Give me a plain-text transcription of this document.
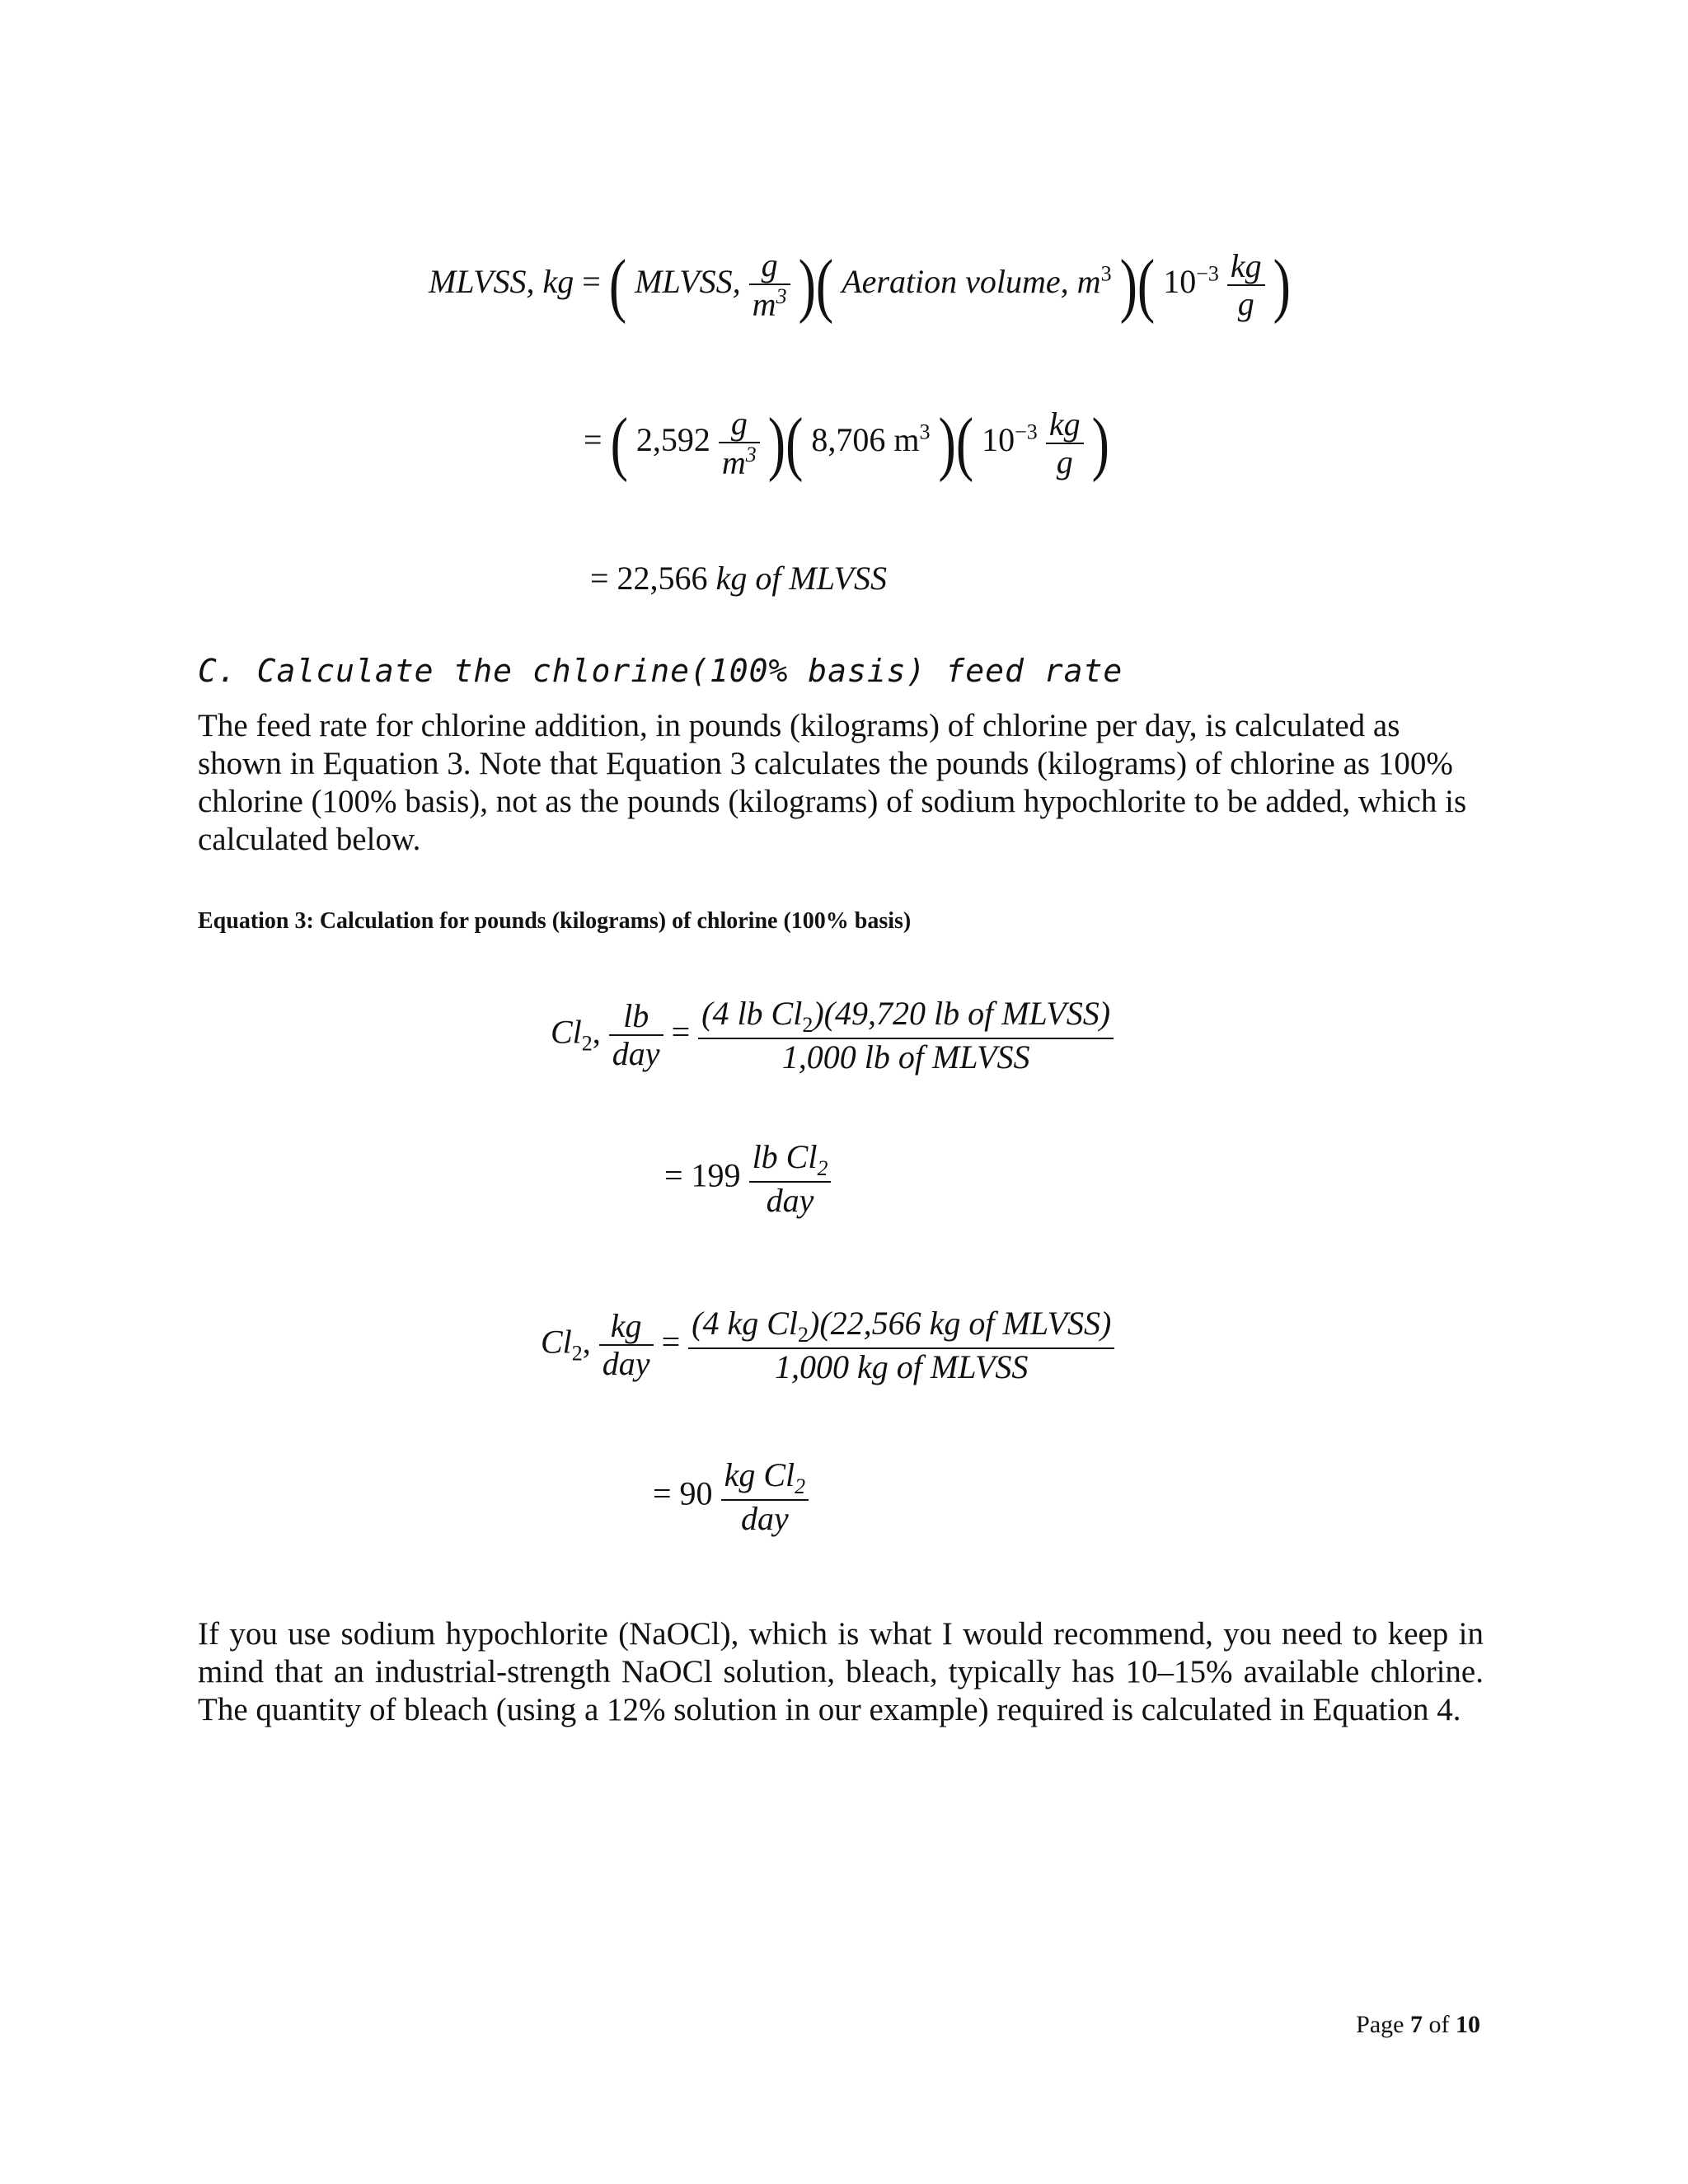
MLVSS, kg = ( MLVSS, $\frac{g}{m^3}$ )( Aeration volume, $m^3$ )( $10^{-3} \frac{kg}{g}$ )
= ( $2,592 \frac{g}{m^3}$ )( 8,706 $m^3$ )( $10^{-3} \frac{kg}{g}$ )
= 22,566 kg of MLVSS
C. Calculate the chlorine(100% basis) feed rate
The feed rate for chlorine addition, in pounds (kilograms) of chlorine per day, is calculated as shown in Equation 3. Note that Equation 3 calculates the pounds (kilograms) of chlorine as 100% chlorine (100% basis), not as the pounds (kilograms) of sodium hypochlorite to be added, which is calculated below.
Equation 3: Calculation for pounds (kilograms) of chlorine (100% basis)
$Cl_2$, $\frac{lb}{\text{day}} = \frac{(4 lb Cl_2)(49,720 lb of MLVSS)}{\text{1,000 lb of MLVSS}}$
= $199 \frac{lb Cl_2}{\text{day}}$
$Cl_2$, $\frac{kg}{\text{day}} = \frac{(4 kg Cl_2)(22,566 kg of MLVSS)}{\text{1,000 kg of MLVSS}}$
= $90 \frac{kg Cl_2}{\text{day}}$
If you use sodium hypochlorite (NaOCl), which is what I would recommend, you need to keep in mind that an industrial-strength NaOCl solution, bleach, typically has 10–15% available chlorine. The quantity of bleach (using a 12% solution in our example) required is calculated in Equation 4.
Page 7 of 10
